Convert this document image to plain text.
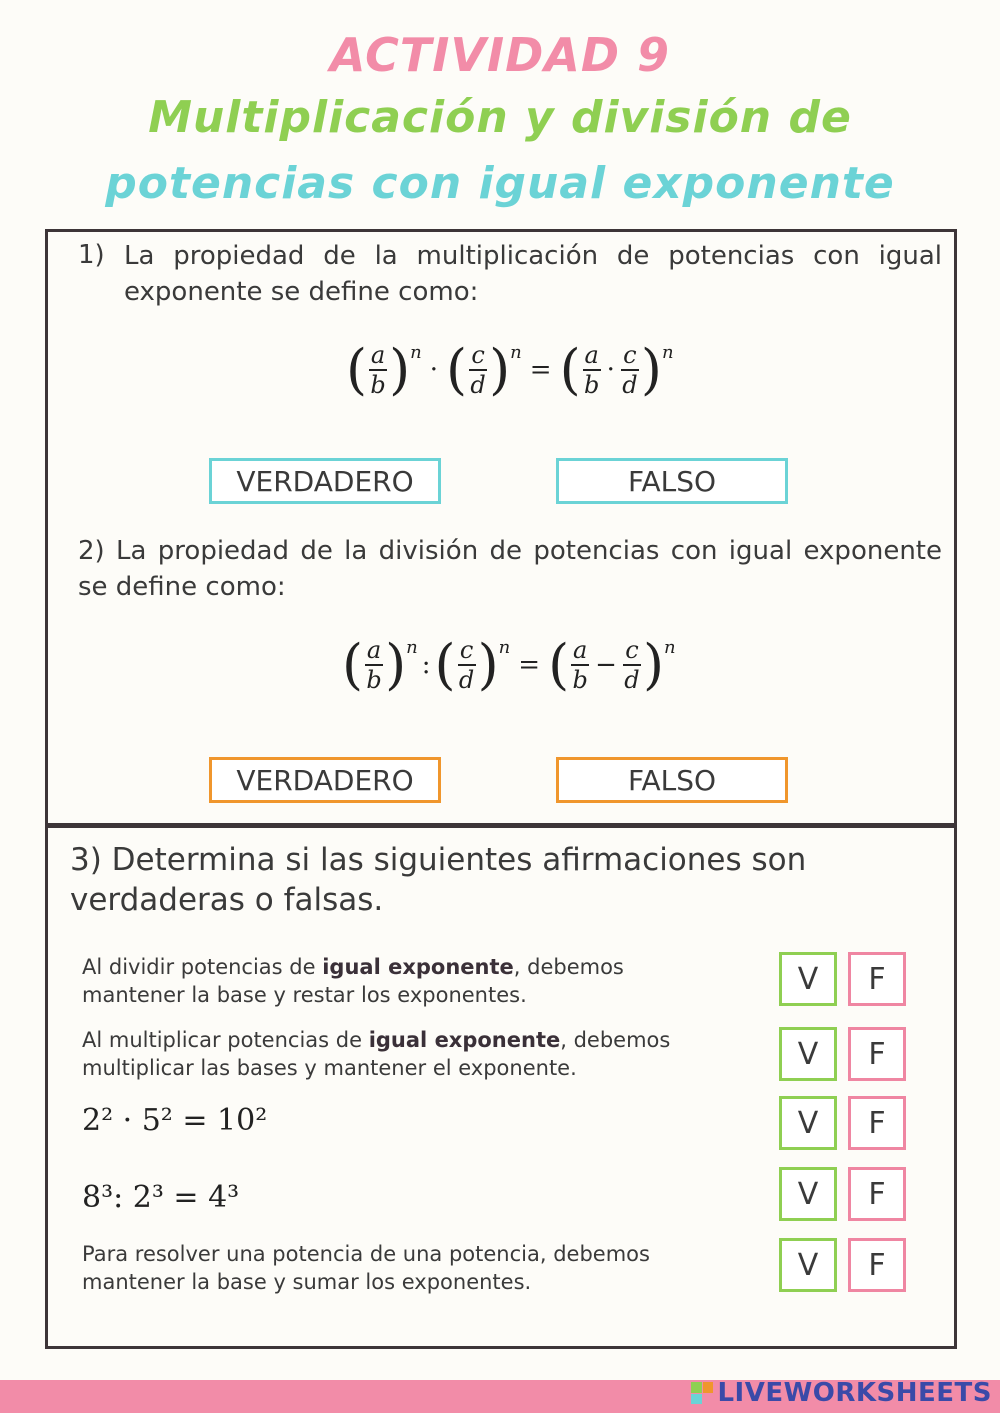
ACTIVIDAD 9
Multiplicación y división de
potencias con igual exponente
1) La propiedad de la multiplicación de potencias con igual exponente se define como:
( $\frac{a}{b}$ ) n
· ( $\frac{c}{d}$ ) n
= ( $\frac{a}{b} \cdot \frac{c}{d}$ ) n
VERDADERO	FALSO
2) La propiedad de la división de potencias con igual exponente se define como:
( $\frac{a}{b}$ ) n
: ( $\frac{c}{d}$ ) n
= ( $\frac{a}{b} - \frac{c}{d}$ ) n
VERDADERO	FALSO
3) Determina si las siguientes afirmaciones son verdaderas o falsas.
Al dividir potencias de igual exponente, debemos mantener la base y restar los exponentes.	V	F
Al multiplicar potencias de igual exponente, debemos multiplicar las bases y mantener el exponente.	V	F
2² · 5² = 10²	V	F
8³: 2³ = 4³	V	F
Para resolver una potencia de una potencia, debemos mantener la base y sumar los exponentes.	V	F
LIVEWORKSHEETS
